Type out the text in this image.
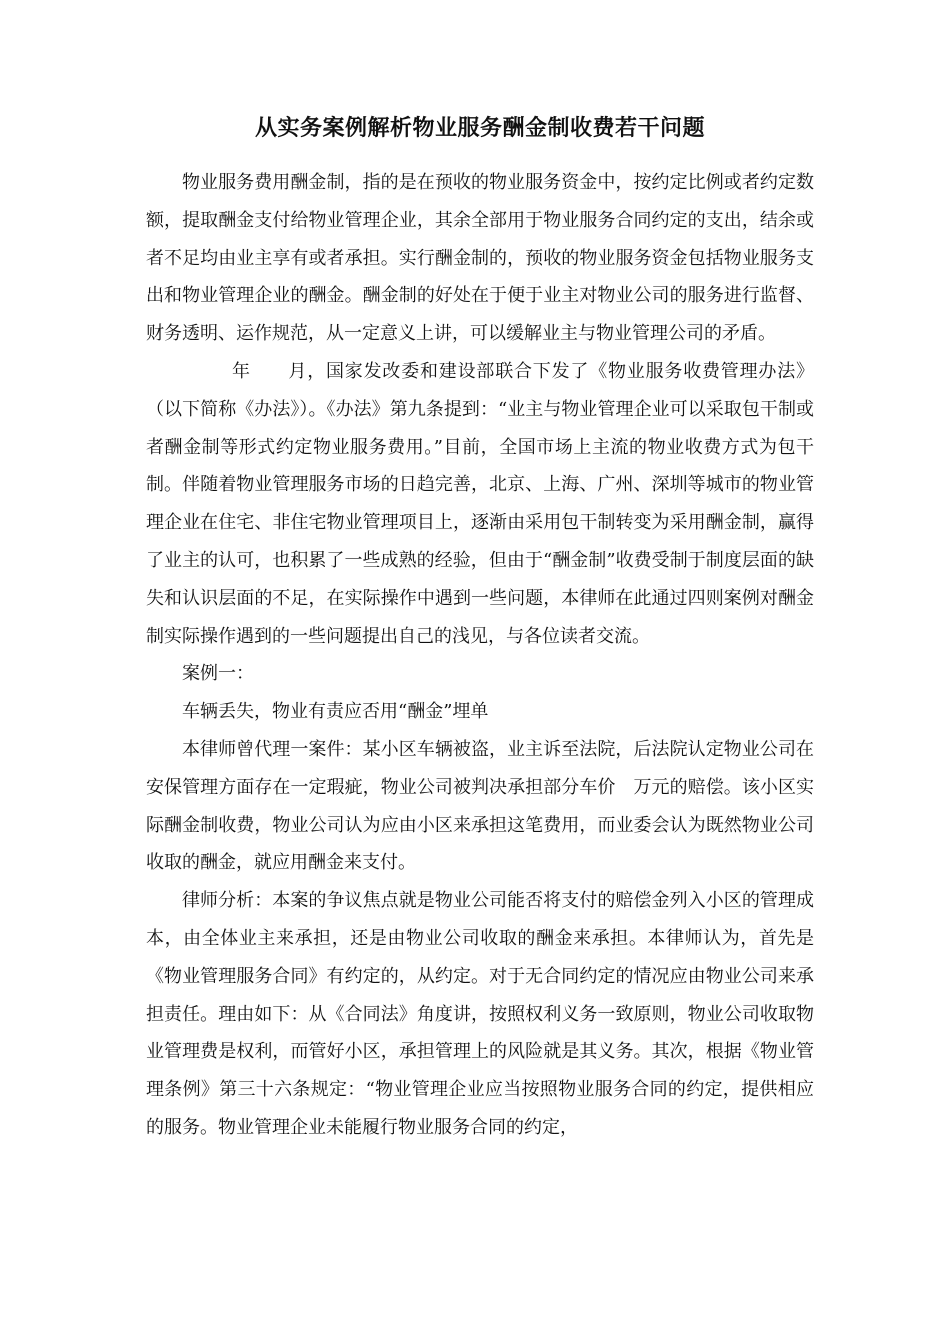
从实务案例解析物业服务酬金制收费若干问题

物业服务费用酬金制，指的是在预收的物业服务资金中，按约定比例或者约定数额，提取酬金支付给物业管理企业，其余全部用于物业服务合同约定的支出，结余或者不足均由业主享有或者承担。实行酬金制的，预收的物业服务资金包括物业服务支出和物业管理企业的酬金。酬金制的好处在于便于业主对物业公司的服务进行监督、财务透明、运作规范，从一定意义上讲，可以缓解业主与物业管理公司的矛盾。

年　　月，国家发改委和建设部联合下发了《物业服务收费管理办法》（以下简称《办法》）。《办法》第九条提到：“业主与物业管理企业可以采取包干制或者酬金制等形式约定物业服务费用。”目前，全国市场上主流的物业收费方式为包干制。伴随着物业管理服务市场的日趋完善，北京、上海、广州、深圳等城市的物业管理企业在住宅、非住宅物业管理项目上，逐渐由采用包干制转变为采用酬金制，赢得了业主的认可，也积累了一些成熟的经验，但由于“酬金制”收费受制于制度层面的缺失和认识层面的不足，在实际操作中遇到一些问题，本律师在此通过四则案例对酬金制实际操作遇到的一些问题提出自己的浅见，与各位读者交流。

案例一：

车辆丢失，物业有责应否用“酬金”埋单

本律师曾代理一案件：某小区车辆被盗，业主诉至法院，后法院认定物业公司在安保管理方面存在一定瑕疵，物业公司被判决承担部分车价　万元的赔偿。该小区实际酬金制收费，物业公司认为应由小区来承担这笔费用，而业委会认为既然物业公司收取的酬金，就应用酬金来支付。

律师分析：本案的争议焦点就是物业公司能否将支付的赔偿金列入小区的管理成本，由全体业主来承担，还是由物业公司收取的酬金来承担。本律师认为，首先是《物业管理服务合同》有约定的，从约定。对于无合同约定的情况应由物业公司来承担责任。理由如下：从《合同法》角度讲，按照权利义务一致原则，物业公司收取物业管理费是权利，而管好小区，承担管理上的风险就是其义务。其次，根据《物业管理条例》第三十六条规定：“物业管理企业应当按照物业服务合同的约定，提供相应的服务。物业管理企业未能履行物业服务合同的约定，
